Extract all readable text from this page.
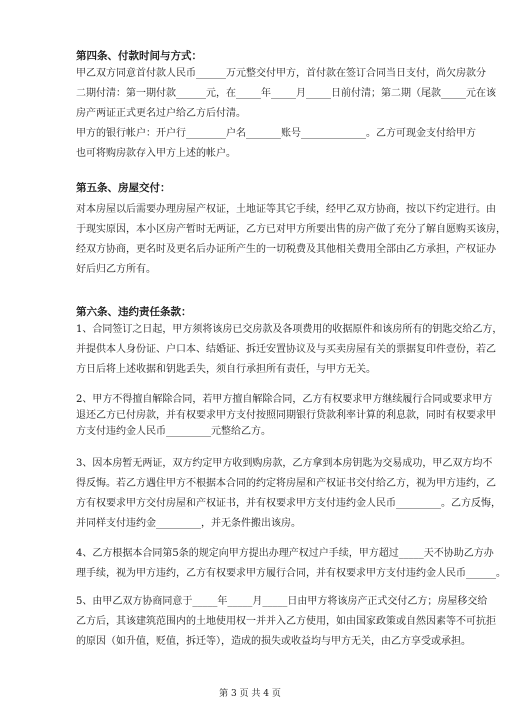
第四条、付款时间与方式：
甲乙双方同意首付款人民币______万元整交付甲方，首付款在签订合同当日支付，尚欠房款分
二期付清：第一期付款______元，在_____年_____月_____日前付清；第二期（尾款_____元在该
房产两证正式更名过户给乙方后付清。
甲方的银行帐户：开户行________户名_______账号_____________。乙方可现金支付给甲方
也可将购房款存入甲方上述的帐户。
第五条、房屋交付：
对本房屋以后需要办理房屋产权证，土地证等其它手续，经甲乙双方协商，按以下约定进行。由
于现实原因，本小区房产暂时无两证，乙方已对甲方所要出售的房产做了充分了解自愿购买该房，
经双方协商，更名时及更名后办证所产生的一切税费及其他相关费用全部由乙方承担，产权证办
好后归乙方所有。
第六条、违约责任条款：
1、合同签订之日起，甲方须将该房已交房款及各项费用的收据原件和该房所有的钥匙交给乙方，
并提供本人身份证、户口本、结婚证、拆迁安置协议及与买卖房屋有关的票据复印件壹份，若乙
方日后将上述收据和钥匙丢失，须自行承担所有责任，与甲方无关。
2、甲方不得擅自解除合同，若甲方擅自解除合同，乙方有权要求甲方继续履行合同或要求甲方
退还乙方已付房款，并有权要求甲方支付按照同期银行贷款利率计算的利息款，同时有权要求甲
方支付违约金人民币_________元整给乙方。
3、因本房暂无两证，双方约定甲方收到购房款，乙方拿到本房钥匙为交易成功，甲乙双方均不
得反悔。若乙方遇住甲方不根据本合同的约定将房屋和产权证书交付给乙方，视为甲方违约，乙
方有权要求甲方交付房屋和产权证书，并有权要求甲方支付违约金人民币_________。乙方反悔，
并同样支付违约金_________，并无条件搬出该房。
4、乙方根据本合同第5条的规定向甲方提出办理产权过户手续，甲方超过_____天不协助乙方办
理手续，视为甲方违约，乙方有权要求甲方履行合同，并有权要求甲方支付违约金人民币______。
5、由甲乙双方协商同意于_____年_____月_____日由甲方将该房产正式交付乙方；房屋移交给
乙方后，其该建筑范围内的土地使用权一并并入乙方使用，如由国家政策或自然因素等不可抗拒
的原因（如升值，贬值，拆迁等），造成的损失或收益均与甲方无关，由乙方享受或承担。
第 3 页 共 4 页
